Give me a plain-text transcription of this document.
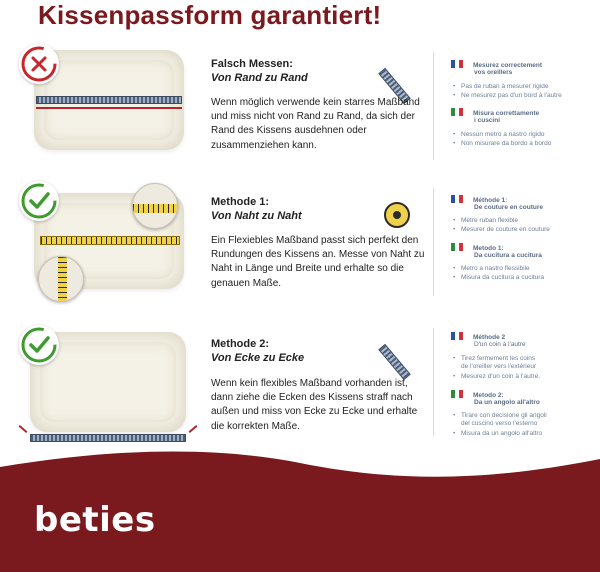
Kissenpassform garantiert!
Falsch Messen:
Von Rand zu Rand
Wenn möglich verwende kein starres Maßband und miss nicht von Rand zu Rand, da sich der Rand des Kissens ausdehnen oder zusammenziehen kann.
Methode 1:
Von Naht zu Naht
Ein Flexiebles Maßband passt sich perfekt den Rundungen des Kissens an. Messe von Naht zu Naht in Länge und Breite und erhalte so die genauen Maße.
Methode 2:
Von Ecke zu Ecke
Wenn kein flexibles Maßband vorhanden ist, dann ziehe die Ecken des Kissens straff nach außen und miss von Ecke zu Ecke und erhalte die korrekten Maße.
Mesurez correctement
vos oreillers
• Pas de ruban à mesurer rigide
• Ne mesurez pas d'un bord à l'autre
Misura correttamente
i cuscini
• Nessun metro a nastro rigido
• Non misurare da bordo a bordo
Méthode 1:
De couture en couture
• Mètre ruban flexible
• Mesurer de couture en couture
Metodo 1:
Da cucitura a cucitura
• Metro a nastro flessibile
• Misura da cucitura a cucitura
Méthode 2
D'un coin à l'autre
• Tirez fermement les coins
de l'oreiller vers l'extérieur
• Mesurez d'un coin à l'autre.
Metodo 2:
Da un angolo all'altro
• Tirare con decisione gli angoli
del cuscino verso l'esterno
• Misura da un angolo all'altro
beties
